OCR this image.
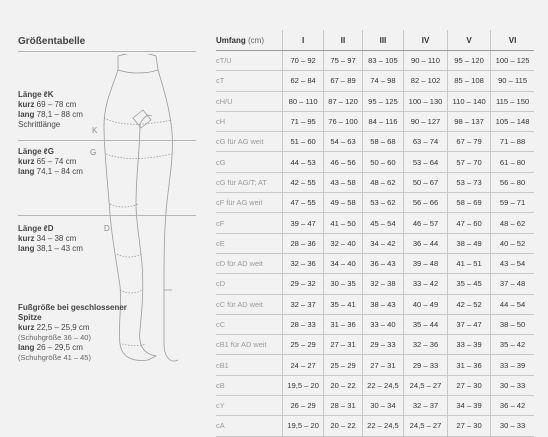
Größentabelle
Länge ℓK
kurz 69 – 78 cm
lang 78,1 – 88 cm
Schrittlänge
K
Länge ℓG
kurz 65 – 74 cm
lang 74,1 – 84 cm
G
Länge ℓD
kurz 34 – 38 cm
lang 38,1 – 43 cm
D
Fußgröße bei geschlossener Spitze
kurz 22,5 – 25,9 cm
(Schuhgröße 36 – 40)
lang 26 – 29,5 cm
(Schuhgröße 41 – 45)
Umfang (cm)	I	II	III	IV	V	VI
cT/U	70 – 92	75 – 97	83 – 105	90 – 110	95 – 120	100 – 125
cT	62 – 84	67 – 89	74 – 98	82 – 102	85 – 108	90 – 115
cH/U	80 – 110	87 – 120	95 – 125	100 – 130	110 – 140	115 – 150
cH	71 – 95	76 – 100	84 – 116	90 – 127	98 – 137	105 – 148
cG für AG weit	51 – 60	54 – 63	58 – 68	63 – 74	67 – 79	71 – 88
cG	44 – 53	46 – 56	50 – 60	53 – 64	57 – 70	61 – 80
cG für AG/T; AT	42 – 55	43 – 58	48 – 62	50 – 67	53 – 73	56 – 80
cF für AG weit	47 – 55	49 – 58	53 – 62	56 – 66	58 – 69	59 – 71
cF	39 – 47	41 – 50	45 – 54	46 – 57	47 – 60	48 – 62
cE	28 – 36	32 – 40	34 – 42	36 – 44	38 – 49	40 – 52
cD für AD weit	32 – 36	34 – 40	36 – 43	39 – 48	41 – 51	43 – 54
cD	29 – 32	30 – 35	32 – 38	33 – 42	35 – 45	37 – 48
cC für AD weit	32 – 37	35 – 41	38 – 43	40 – 49	42 – 52	44 – 54
cC	28 – 33	31 – 36	33 – 40	35 – 44	37 – 47	38 – 50
cB1 für AD weit	25 – 29	27 – 31	29 – 33	32 – 36	33 – 39	35 – 42
cB1	24 – 27	25 – 29	27 – 31	29 – 33	31 – 36	33 – 39
cB	19,5 – 20	20 – 22	22 – 24,5	24,5 – 27	27 – 30	30 – 33
cY	26 – 29	28 – 31	30 – 34	32 – 37	34 – 39	36 – 42
cA	19,5 – 20	20 – 22	22 – 24,5	24,5 – 27	27 – 30	30 – 33
